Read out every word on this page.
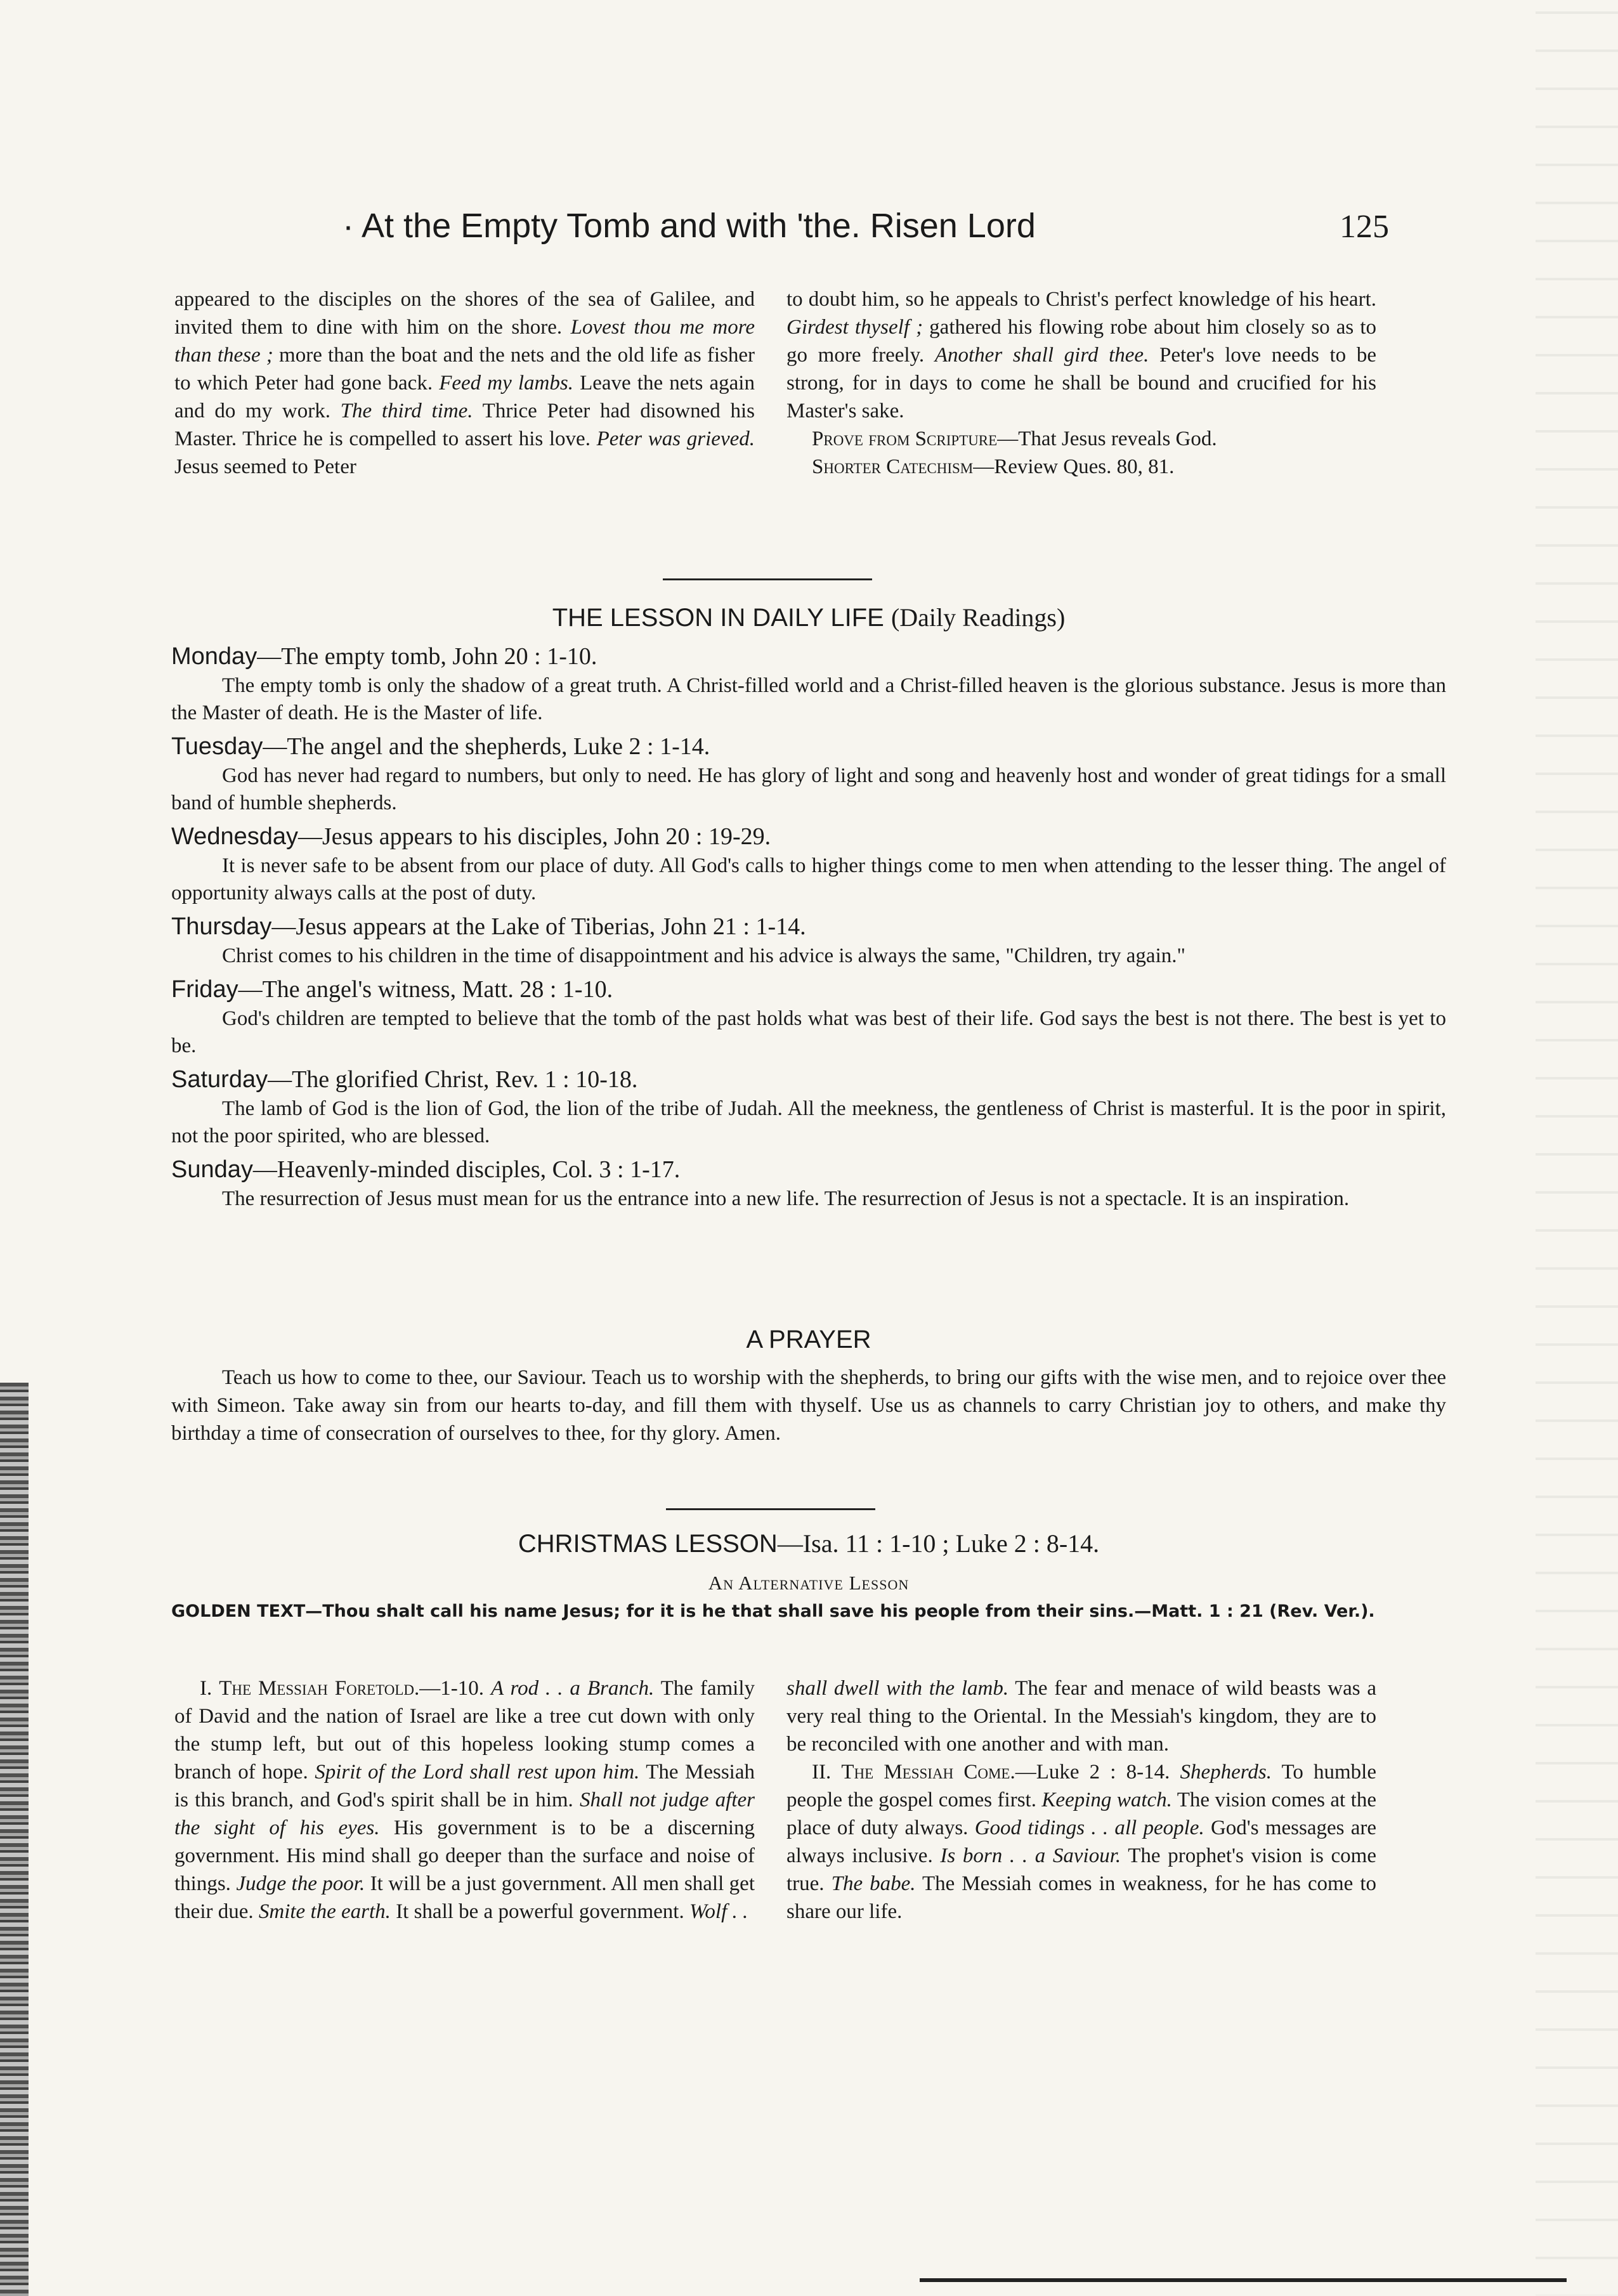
· At the Empty Tomb and with 'the. Risen Lord	125

appeared to the disciples on the shores of the sea of Galilee, and invited them to dine with him on the shore. Lovest thou me more than these ; more than the boat and the nets and the old life as fisher to which Peter had gone back. Feed my lambs. Leave the nets again and do my work. The third time. Thrice Peter had disowned his Master. Thrice he is compelled to assert his love. Peter was grieved. Jesus seemed to Peter

to doubt him, so he appeals to Christ's perfect knowledge of his heart. Girdest thyself ; gathered his flowing robe about him closely so as to go more freely. Another shall gird thee. Peter's love needs to be strong, for in days to come he shall be bound and crucified for his Master's sake.

Prove from Scripture—That Jesus reveals God.

Shorter Catechism—Review Ques. 80, 81.

THE LESSON IN DAILY LIFE (Daily Readings)

Monday—The empty tomb, John 20 : 1-10.

The empty tomb is only the shadow of a great truth. A Christ-filled world and a Christ-filled heaven is the glorious substance. Jesus is more than the Master of death. He is the Master of life.

Tuesday—The angel and the shepherds, Luke 2 : 1-14.

God has never had regard to numbers, but only to need. He has glory of light and song and heavenly host and wonder of great tidings for a small band of humble shepherds.

Wednesday—Jesus appears to his disciples, John 20 : 19-29.

It is never safe to be absent from our place of duty. All God's calls to higher things come to men when attending to the lesser thing. The angel of opportunity always calls at the post of duty.

Thursday—Jesus appears at the Lake of Tiberias, John 21 : 1-14.

Christ comes to his children in the time of disappointment and his advice is always the same, "Children, try again."

Friday—The angel's witness, Matt. 28 : 1-10.

God's children are tempted to believe that the tomb of the past holds what was best of their life. God says the best is not there. The best is yet to be.

Saturday—The glorified Christ, Rev. 1 : 10-18.

The lamb of God is the lion of God, the lion of the tribe of Judah. All the meekness, the gentleness of Christ is masterful. It is the poor in spirit, not the poor spirited, who are blessed.

Sunday—Heavenly-minded disciples, Col. 3 : 1-17.

The resurrection of Jesus must mean for us the entrance into a new life. The resurrection of Jesus is not a spectacle. It is an inspiration.

A PRAYER

Teach us how to come to thee, our Saviour. Teach us to worship with the shepherds, to bring our gifts with the wise men, and to rejoice over thee with Simeon. Take away sin from our hearts to-day, and fill them with thyself. Use us as channels to carry Christian joy to others, and make thy birthday a time of consecration of ourselves to thee, for thy glory. Amen.

CHRISTMAS LESSON—Isa. 11 : 1-10 ; Luke 2 : 8-14.
An Alternative Lesson

GOLDEN TEXT—Thou shalt call his name Jesus; for it is he that shall save his people from their sins.—Matt. 1 : 21 (Rev. Ver.).

I. The Messiah Foretold.—1-10. A rod . . a Branch. The family of David and the nation of Israel are like a tree cut down with only the stump left, but out of this hopeless looking stump comes a branch of hope. Spirit of the Lord shall rest upon him. The Messiah is this branch, and God's spirit shall be in him. Shall not judge after the sight of his eyes. His government is to be a discerning government. His mind shall go deeper than the surface and noise of things. Judge the poor. It will be a just government. All men shall get their due. Smite the earth. It shall be a powerful government. Wolf . .

shall dwell with the lamb. The fear and menace of wild beasts was a very real thing to the Oriental. In the Messiah's kingdom, they are to be reconciled with one another and with man.

II. The Messiah Come.—Luke 2 : 8-14. Shepherds. To humble people the gospel comes first. Keeping watch. The vision comes at the place of duty always. Good tidings . . all people. God's messages are always inclusive. Is born . . a Saviour. The prophet's vision is come true. The babe. The Messiah comes in weakness, for he has come to share our life.
